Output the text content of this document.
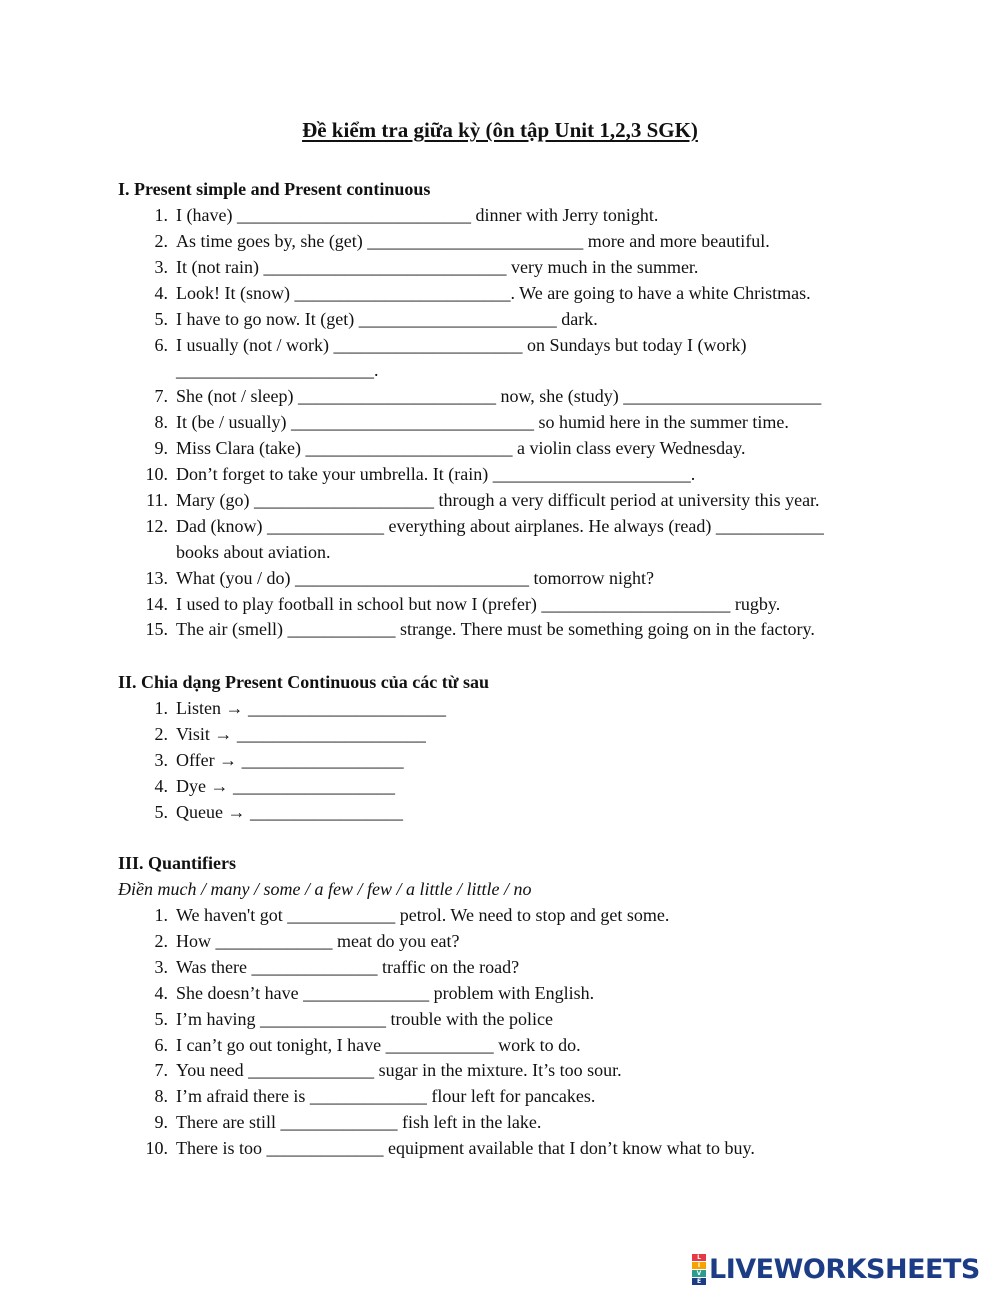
Đề kiểm tra giữa kỳ (ôn tập Unit 1,2,3 SGK)
I. Present simple and Present continuous
1. I (have) __________________________ dinner with Jerry tonight.
2. As time goes by, she (get) ________________________ more and more beautiful.
3. It (not rain) ___________________________ very much in the summer.
4. Look! It (snow) ________________________. We are going to have a white Christmas.
5. I have to go now. It (get) ______________________ dark.
6. I usually (not / work) _____________________ on Sundays but today I (work)
______________________.
7. She (not / sleep) ______________________ now, she (study) ______________________
8. It (be / usually) ___________________________ so humid here in the summer time.
9. Miss Clara (take) _______________________ a violin class every Wednesday.
10. Don’t forget to take your umbrella. It (rain) ______________________.
11. Mary (go) ____________________ through a very difficult period at university this year.
12. Dad (know) _____________ everything about airplanes. He always (read) ____________
books about aviation.
13. What (you / do) __________________________ tomorrow night?
14. I used to play football in school but now I (prefer) _____________________ rugby.
15. The air (smell) ____________ strange. There must be something going on in the factory.
II. Chia dạng Present Continuous của các từ sau
1. Listen → ______________________
2. Visit → _____________________
3. Offer → __________________
4. Dye → __________________
5. Queue → _________________
III. Quantifiers
Điền much / many / some / a few / few / a little / little / no
1. We haven't got ____________ petrol. We need to stop and get some.
2. How _____________ meat do you eat?
3. Was there ______________ traffic on the road?
4. She doesn’t have ______________ problem with English.
5. I’m having ______________ trouble with the police
6. I can’t go out tonight, I have ____________ work to do.
7. You need ______________ sugar in the mixture. It’s too sour.
8. I’m afraid there is _____________ flour left for pancakes.
9. There are still _____________ fish left in the lake.
10. There is too _____________ equipment available that I don’t know what to buy.
L
I
V
E LIVEWORKSHEETS
